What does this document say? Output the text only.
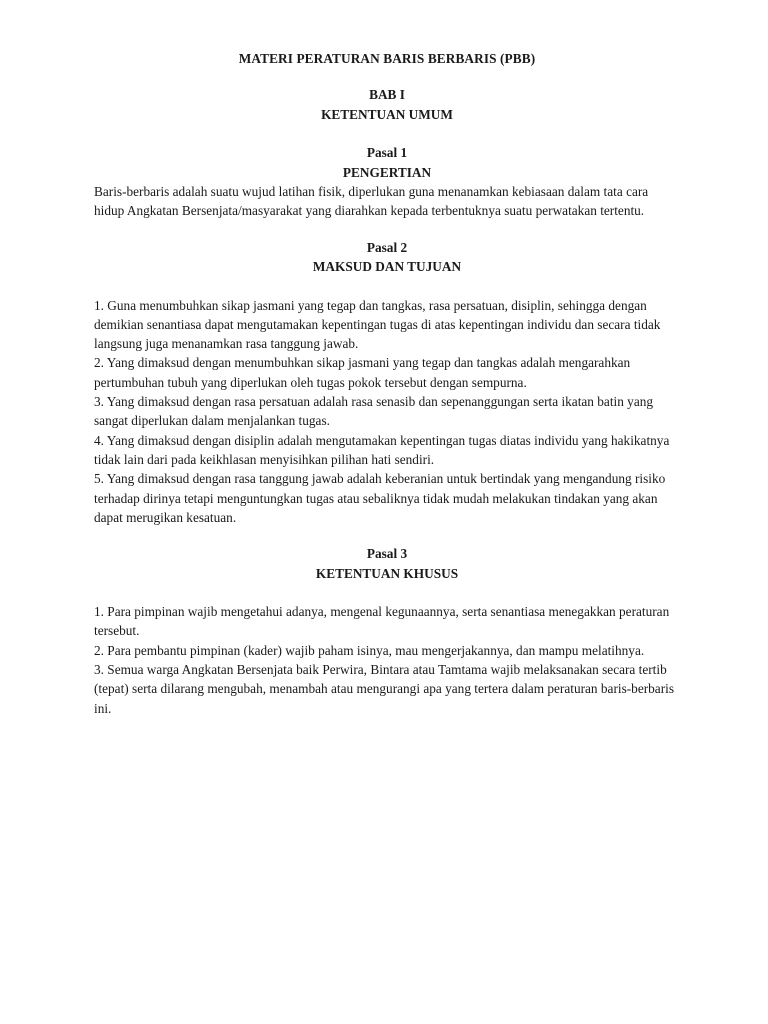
MATERI PERATURAN BARIS BERBARIS (PBB)

BAB I

KETENTUAN UMUM

Pasal 1

PENGERTIAN

Baris-berbaris adalah suatu wujud latihan fisik, diperlukan guna menanamkan kebiasaan dalam tata cara hidup Angkatan Bersenjata/masyarakat yang diarahkan kepada terbentuknya suatu perwatakan tertentu.

Pasal 2

MAKSUD DAN TUJUAN

1. Guna menumbuhkan sikap jasmani yang tegap dan tangkas, rasa persatuan, disiplin, sehingga dengan demikian senantiasa dapat mengutamakan kepentingan tugas di atas kepentingan individu dan secara tidak langsung juga menanamkan rasa tanggung jawab.

2. Yang dimaksud dengan menumbuhkan sikap jasmani yang tegap dan tangkas adalah mengarahkan pertumbuhan tubuh yang diperlukan oleh tugas pokok tersebut dengan sempurna.

3. Yang dimaksud dengan rasa persatuan adalah rasa senasib dan sepenanggungan serta ikatan batin yang sangat diperlukan dalam menjalankan tugas.

4. Yang dimaksud dengan disiplin adalah mengutamakan kepentingan tugas diatas individu yang hakikatnya tidak lain dari pada keikhlasan menyisihkan pilihan hati sendiri.

5. Yang dimaksud dengan rasa tanggung jawab adalah keberanian untuk bertindak yang mengandung risiko terhadap dirinya tetapi menguntungkan tugas atau sebaliknya tidak mudah melakukan tindakan yang akan dapat merugikan kesatuan.

Pasal 3

KETENTUAN KHUSUS

1. Para pimpinan wajib mengetahui adanya, mengenal kegunaannya, serta senantiasa menegakkan peraturan tersebut.

2. Para pembantu pimpinan (kader) wajib paham isinya, mau mengerjakannya, dan mampu melatihnya.

3. Semua warga Angkatan Bersenjata baik Perwira, Bintara atau Tamtama wajib melaksanakan secara tertib (tepat) serta dilarang mengubah, menambah atau mengurangi apa yang tertera dalam peraturan baris-berbaris ini.
